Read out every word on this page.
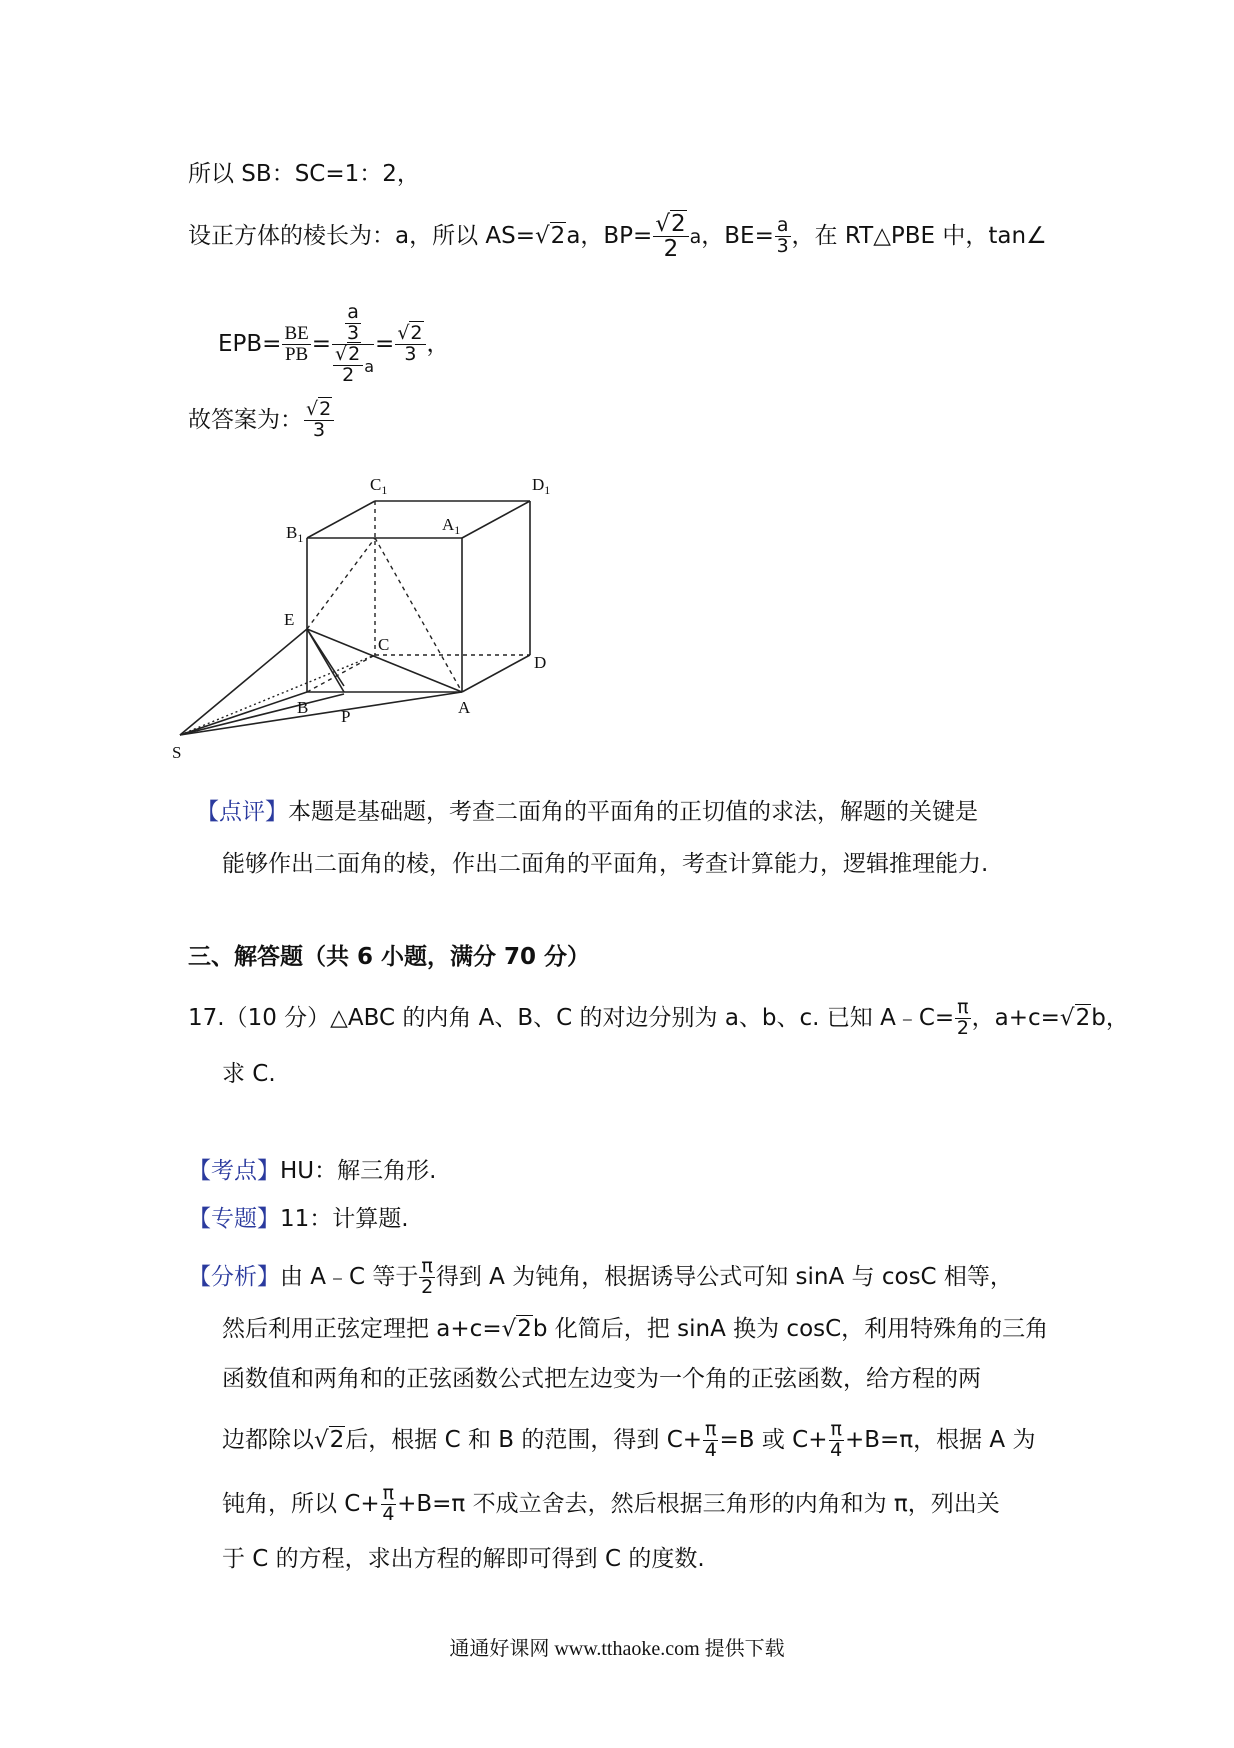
所以 SB：SC=1：2，
设正方体的棱长为：a，所以 AS=√2a，$BP= \frac{√2}{2}$ a，$BE= \frac{a}{3}$ ，在 RT△PBE 中，tan∠
$EPB= \frac{BE}{PB} = \frac{\frac{a}{3}}{\frac{√2}{2} a} = \frac{√2}{3}$ ，
故答案为： $\frac{√2}{3}$
$C_1$	$D_1$
$B_1$
$A_1$
E
C
D
B	A
P
S
【点评】本题是基础题，考查二面角的平面角的正切值的求法，解题的关键是
能够作出二面角的棱，作出二面角的平面角，考查计算能力，逻辑推理能力.
三、解答题（共 6 小题，满分 70 分）
17.（10 分）△ABC 的内角 A、B、C 的对边分别为 a、b、c. 已知 A﹣C= $\frac{\pi}{2}$ ，a+c=√2b，
求 C.
【考点】HU：解三角形.
【专题】11：计算题.
【分析】由 A﹣C 等于 $\frac{\pi}{2}$ 得到 A 为钝角，根据诱导公式可知 sinA 与 cosC 相等，
然后利用正弦定理把 a+c=√2b 化简后，把 sinA 换为 cosC，利用特殊角的三角
函数值和两角和的正弦函数公式把左边变为一个角的正弦函数，给方程的两
边都除以√2后，根据 C 和 B 的范围，得到 $C+ \frac{\pi}{4} =B$ 或 $C+ \frac{\pi}{4} +B=\pi$，根据 A 为
钝角，所以 $C+ \frac{\pi}{4} +B=\pi$ 不成立舍去，然后根据三角形的内角和为 π，列出关
于 C 的方程，求出方程的解即可得到 C 的度数.
通通好课网 www.tthaoke.com 提供下载
